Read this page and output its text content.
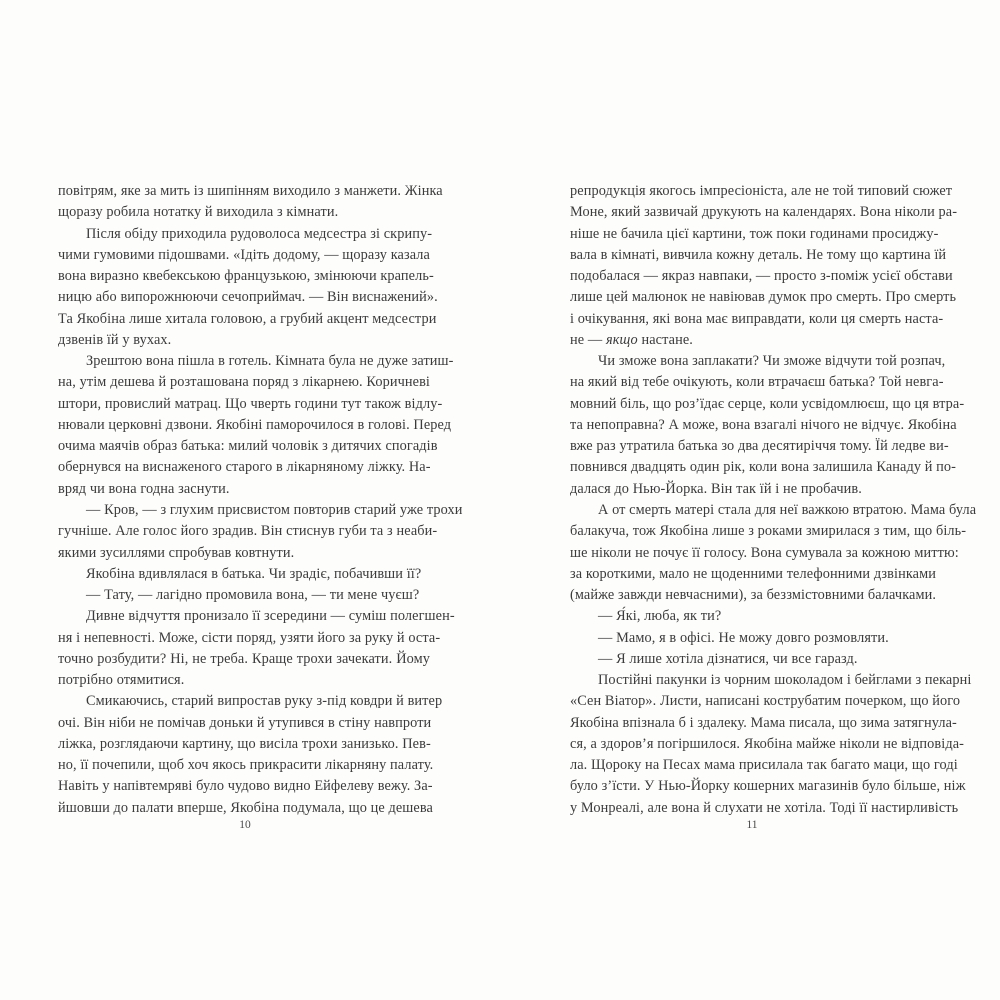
повітрям, яке за мить із шипінням виходило з манжети. Жінка
щоразу робила нотатку й виходила з кімнати.
Після обіду приходила рудоволоса медсестра зі скрипу-
чими гумовими підошвами. «Ідіть додому, — щоразу казала
вона виразно квебекською французькою, змінюючи крапель-
ницю або випорожнюючи сечоприймач. — Він виснажений».
Та Якобіна лише хитала головою, а грубий акцент медсестри
дзвенів їй у вухах.
Зрештою вона пішла в готель. Кімната була не дуже затиш-
на, утім дешева й розташована поряд з лікарнею. Коричневі
штори, провислий матрац. Що чверть години тут також відлу-
нювали церковні дзвони. Якобіні паморочилося в голові. Перед
очима маячів образ батька: милий чоловік з дитячих спогадів
обернувся на виснаженого старого в лікарняному ліжку. На-
вряд чи вона годна заснути.
— Кров, — з глухим присвистом повторив старий уже трохи
гучніше. Але голос його зрадив. Він стиснув губи та з неаби-
якими зусиллями спробував ковтнути.
Якобіна вдивлялася в батька. Чи зрадіє, побачивши її?
— Тату, — лагідно промовила вона, — ти мене чуєш?
Дивне відчуття пронизало її зсередини — суміш полегшен-
ня і непевності. Може, сісти поряд, узяти його за руку й оста-
точно розбудити? Ні, не треба. Краще трохи зачекати. Йому
потрібно отямитися.
Смикаючись, старий випростав руку з-під ковдри й витер
очі. Він ніби не помічав доньки й утупився в стіну навпроти
ліжка, розглядаючи картину, що висіла трохи занизько. Пев-
но, її почепили, щоб хоч якось прикрасити лікарняну палату.
Навіть у напівтемряві було чудово видно Ейфелеву вежу. За-
йшовши до палати вперше, Якобіна подумала, що це дешева
репродукція якогось імпресіоніста, але не той типовий сюжет
Моне, який зазвичай друкують на календарях. Вона ніколи ра-
ніше не бачила цієї картини, тож поки годинами просиджу-
вала в кімнаті, вивчила кожну деталь. Не тому що картина їй
подобалася — якраз навпаки, — просто з-поміж усієї обстави
лише цей малюнок не навіював думок про смерть. Про смерть
і очікування, які вона має виправдати, коли ця смерть наста-
не — якщо настане.
Чи зможе вона заплакати? Чи зможе відчути той розпач,
на який від тебе очікують, коли втрачаєш батька? Той невга-
мовний біль, що роз’їдає серце, коли усвідомлюєш, що ця втра-
та непоправна? А може, вона взагалі нічого не відчує. Якобіна
вже раз утратила батька зо два десятиріччя тому. Їй ледве ви-
повнився двадцять один рік, коли вона залишила Канаду й по-
далася до Нью-Йорка. Він так їй і не пробачив.
А от смерть матері стала для неї важкою втратою. Мама була
балакуча, тож Якобіна лише з роками змирилася з тим, що біль-
ше ніколи не почує її голосу. Вона сумувала за кожною миттю:
за короткими, мало не щоденними телефонними дзвінками
(майже завжди невчасними), за беззмістовними балачками.
— Я́кі, люба, як ти?
— Мамо, я в офісі. Не можу довго розмовляти.
— Я лише хотіла дізнатися, чи все гаразд.
Постійні пакунки із чорним шоколадом і бейглами з пекарні
«Сен Віатор». Листи, написані кострубатим почерком, що його
Якобіна впізнала б і здалеку. Мама писала, що зима затягнула-
ся, а здоров’я погіршилося. Якобіна майже ніколи не відповіда-
ла. Щороку на Песах мама присилала так багато маци, що годі
було з’їсти. У Нью-Йорку кошерних магазинів було більше, ніж
у Монреалі, але вона й слухати не хотіла. Тоді її настирливість
10	11
